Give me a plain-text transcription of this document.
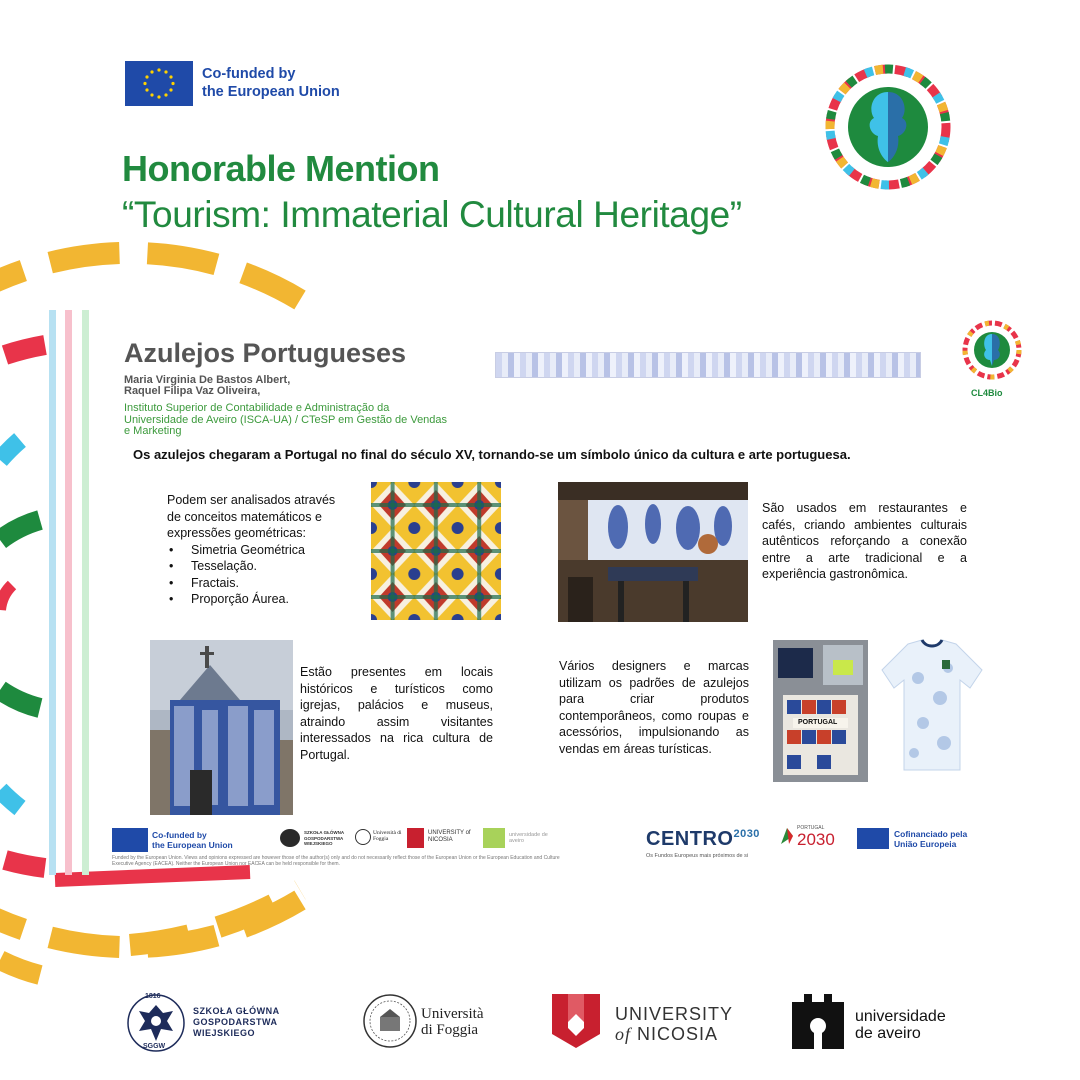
Co-funded by
the European Union
Honorable Mention
“Tourism: Immaterial Cultural Heritage”
Azulejos Portugueses
Maria Virginia De Bastos Albert,
Raquel Filipa Vaz Oliveira,
Instituto Superior de Contabilidade e Administração da Universidade de Aveiro (ISCA-UA) / CTeSP em Gestão de Vendas e Marketing
CL4Bio
Os azulejos chegaram a Portugal no final do século XV, tornando-se um símbolo único da cultura e arte portuguesa.
Podem ser analisados através de conceitos matemáticos e expressões geométricas:
• Simetria Geométrica
• Tesselação.
• Fractais.
• Proporção Áurea.
São usados em restaurantes e cafés, criando ambientes culturais autênticos reforçando a conexão entre a arte tradicional e a experiência gastronômica.
Estão presentes em locais históricos e turísticos como igrejas, palácios e museus, atraindo assim visitantes interessados na rica cultura de Portugal.
Vários designers e marcas utilizam os padrões de azulejos para criar produtos contemporâneos, como roupas e acessórios, impulsionando as vendas em áreas turísticas.
PORTUGAL
Co-funded by
the European Union
Funded by the European Union. Views and opinions expressed are however those of the author(s) only and do not necessarily reflect those of the European Union or the European Education and Culture Executive Agency (EACEA). Neither the European Union nor EACEA can be held responsible for them.
SZKOŁA GŁÓWNA GOSPODARSTWA WIEJSKIEGO
Università di Foggia
UNIVERSITY of NICOSIA
universidade de aveiro	$CENTRO^{2030}$
Os Fundos Europeus mais próximos de si
PORTUGAL
2030	Cofinanciado pela
União Europeia
1816
SGGW
SZKOŁA GŁÓWNA
GOSPODARSTWA
WIEJSKIEGO
Università
di Foggia
UNIVERSITY
of NICOSIA
universidade
de aveiro
